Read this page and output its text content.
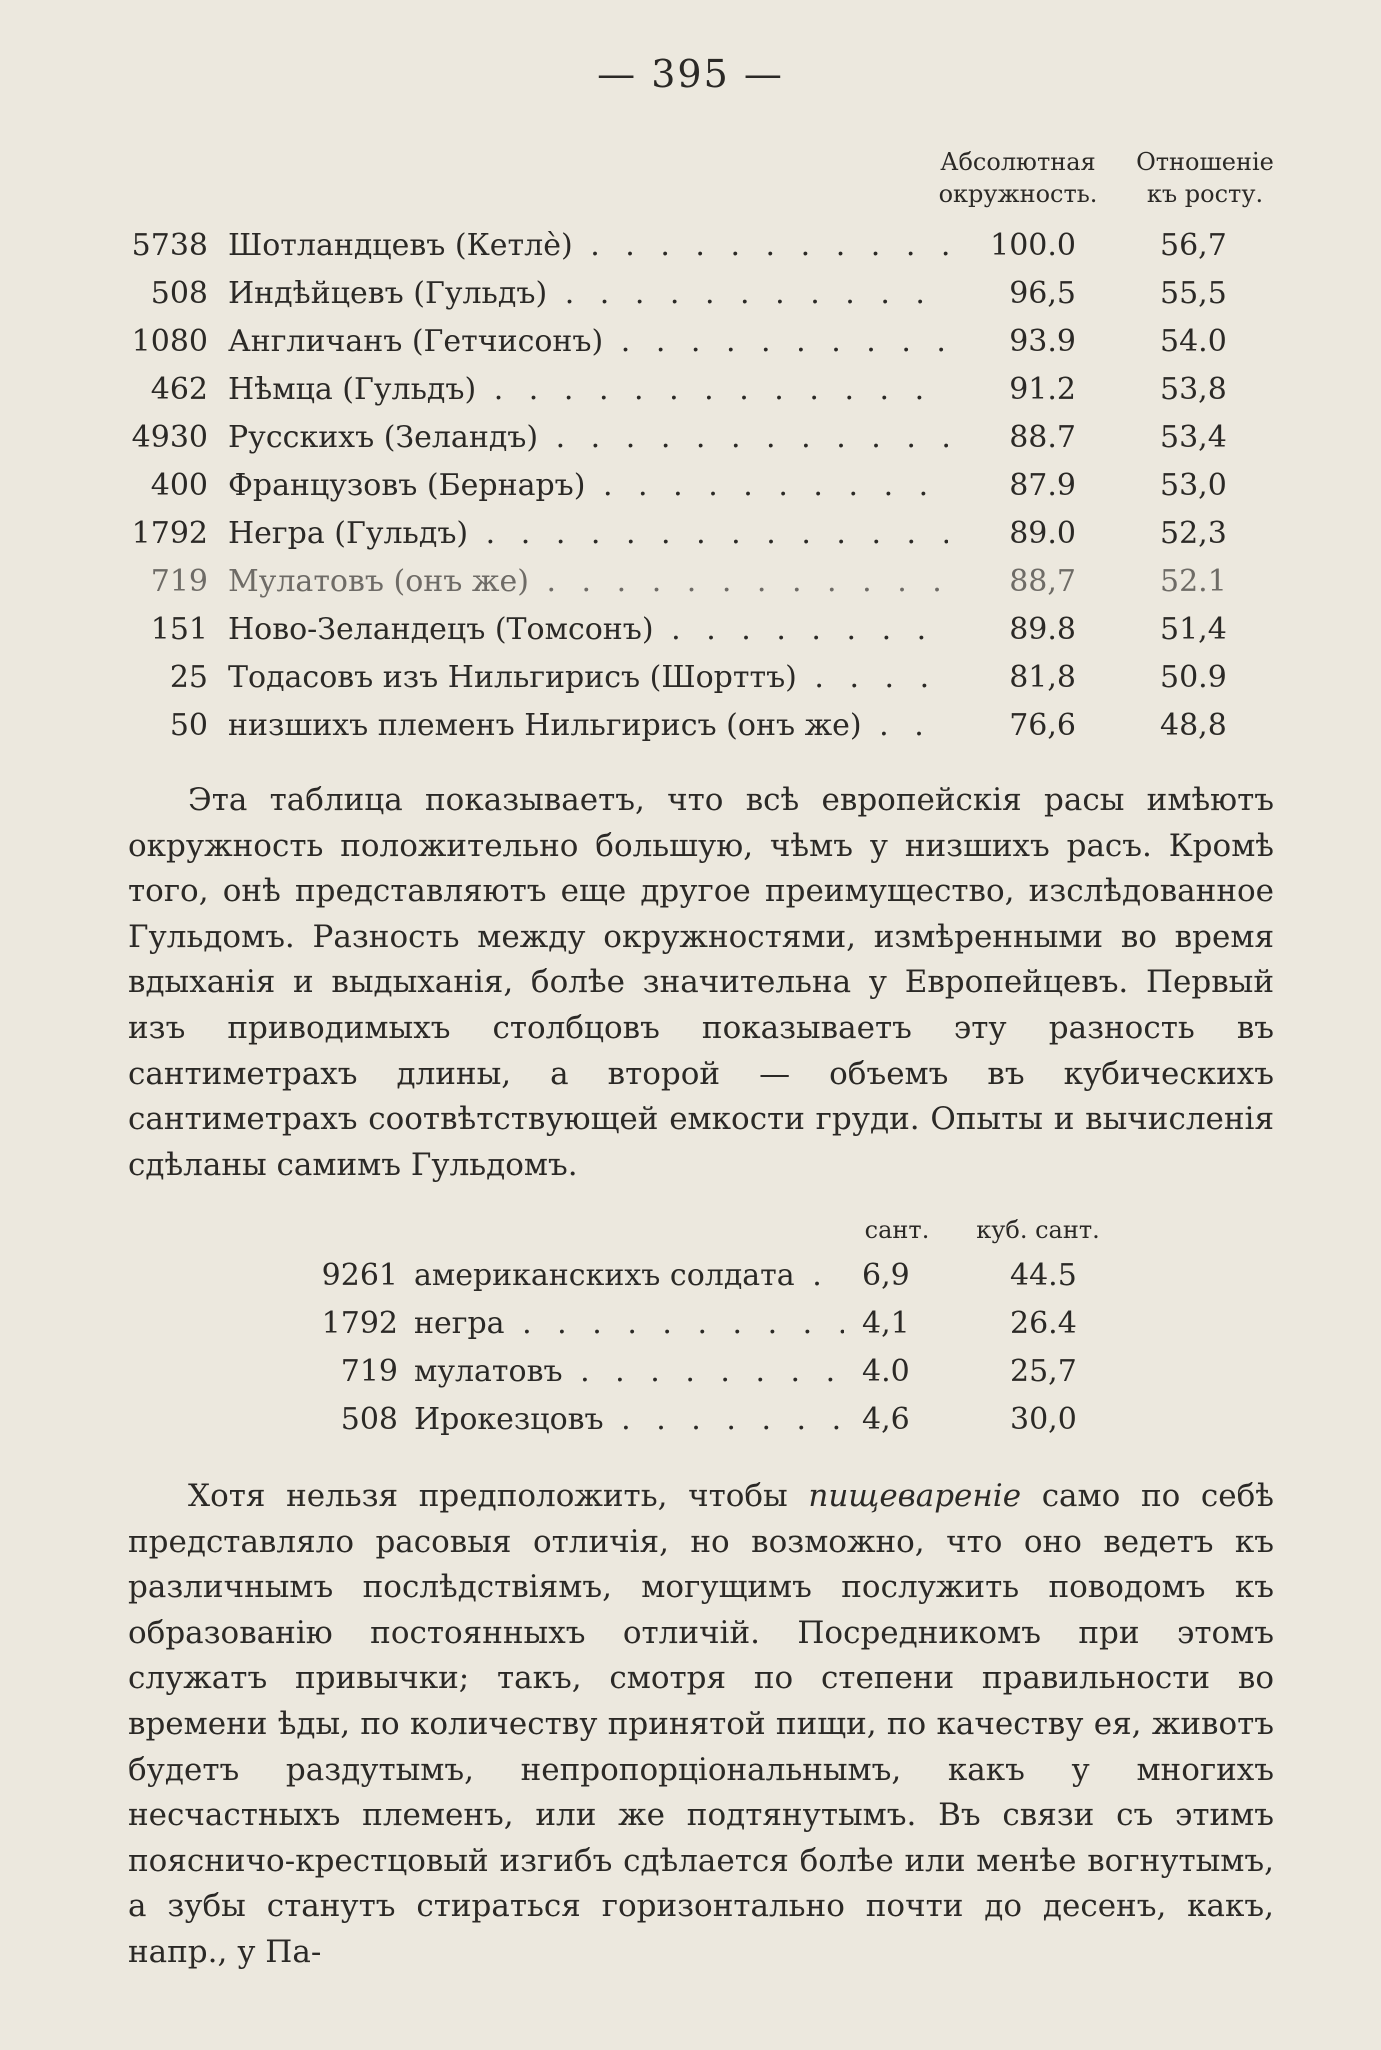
— 395 —
Абсолютная
окружность.
Отношеніе
къ росту.
5738 Шотландцевъ (Кетлѐ) . . .	100.0	56,7
508 Индѣйцевъ (Гульдъ) . . .	96,5	55,5
1080 Англичанъ (Гетчисонъ) . . .	93.9	54.0
462 Нѣмца (Гульдъ) . . .	91.2	53,8
4930 Русскихъ (Зеландъ) . . .	88.7	53,4
400 Французовъ (Бернаръ) . . .	87.9	53,0
1792 Негра (Гульдъ) . . .	89.0	52,3
719 Мулатовъ (онъ же) . . .	88,7	52.1
151 Ново-Зеландецъ (Томсонъ) . . .	89.8	51,4
25 Тодасовъ изъ Нильгирисъ (Шорттъ) . . .	81,8	50.9
50 низшихъ племенъ Нильгирисъ (онъ же) . . .	76,6	48,8

Эта таблица показываетъ, что всѣ европейскія расы имѣютъ окружность положительно большую, чѣмъ у низшихъ расъ. Кромѣ того, онѣ представляютъ еще другое преимущество, изслѣдованное Гульдомъ. Разность между окружностями, измѣренными во время вдыханія и выдыханія, болѣе значительна у Европейцевъ. Первый изъ приводимыхъ столбцовъ показываетъ эту разность въ сантиметрахъ длины, а второй — объемъ въ кубическихъ сантиметрахъ соотвѣтствующей емкости груди. Опыты и вычисленія сдѣланы самимъ Гульдомъ.

сант.	куб. сант.
9261 американскихъ солдата . . .	6,9	44.5
1792 негра . . .	4,1	26.4
719 мулатовъ . . .	4.0	25,7
508 Ирокезцовъ . . .	4,6	30,0

Хотя нельзя предположить, чтобы пищевареніе само по себѣ представляло расовыя отличія, но возможно, что оно ведетъ къ различнымъ послѣдствіямъ, могущимъ послужить поводомъ къ образованію постоянныхъ отличій. Посредникомъ при этомъ служатъ привычки; такъ, смотря по степени правильности во времени ѣды, по количеству принятой пищи, по качеству ея, животъ будетъ раздутымъ, непропорціональнымъ, какъ у многихъ несчастныхъ племенъ, или же подтянутымъ. Въ связи съ этимъ поясничо-крестцовый изгибъ сдѣлается болѣе или менѣе вогнутымъ, а зубы станутъ стираться горизонтально почти до десенъ, какъ, напр., у Па-
